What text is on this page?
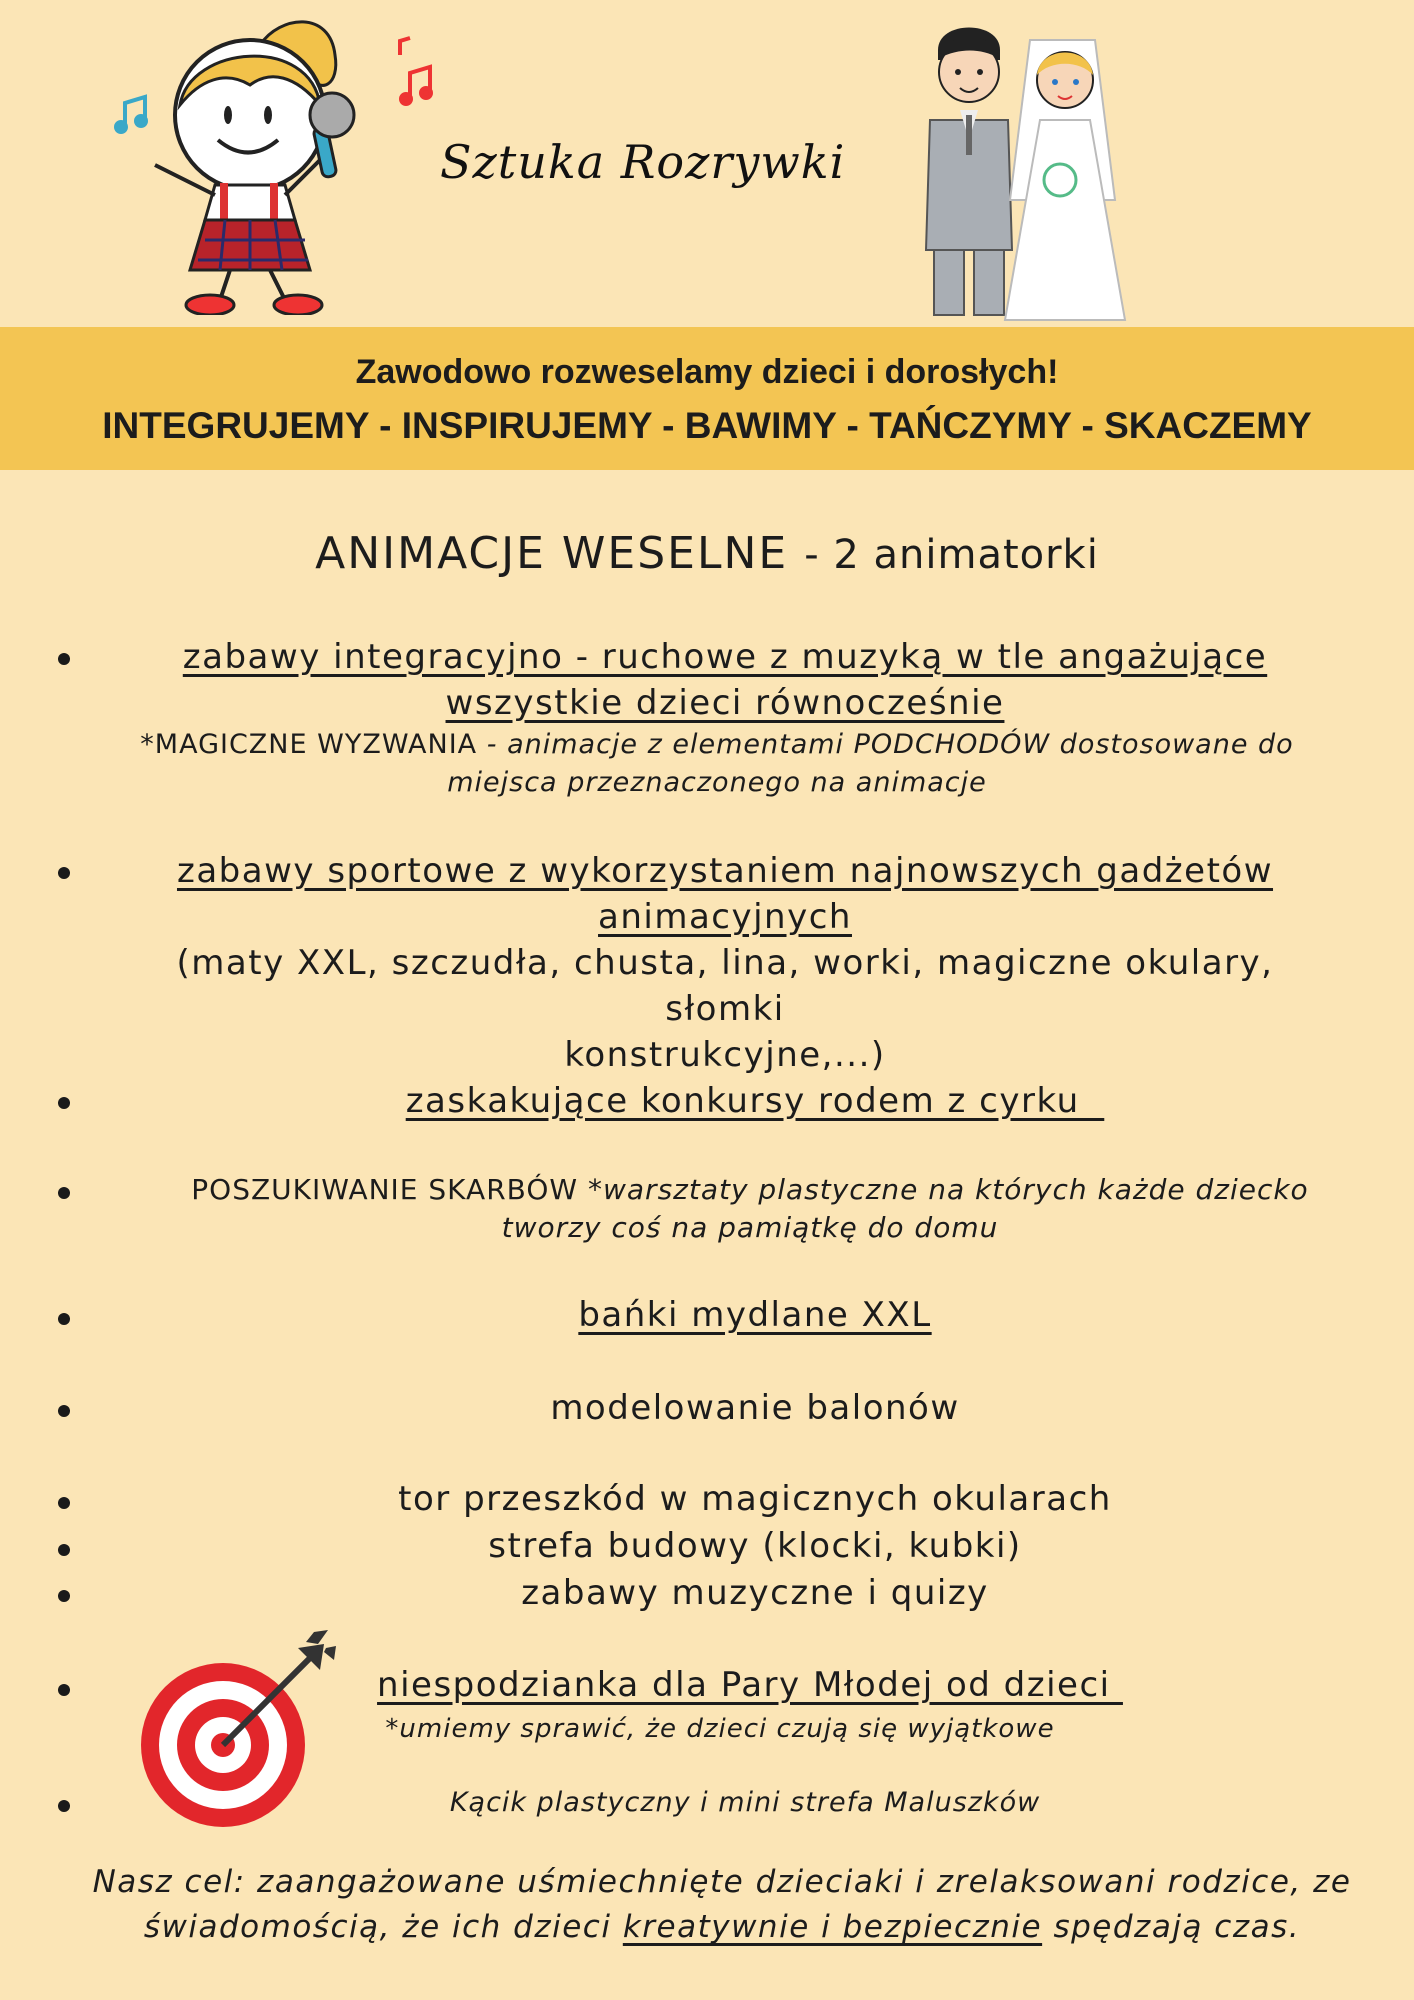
Sztuka Rozrywki
Zawodowo rozweselamy dzieci i dorosłych!
INTEGRUJEMY - INSPIRUJEMY - BAWIMY - TAŃCZYMY - SKACZEMY
ANIMACJE WESELNE - 2 animatorki
zabawy integracyjno - ruchowe z muzyką w tle angażujące
wszystkie dzieci równocześnie
*MAGICZNE WYZWANIA - animacje z elementami PODCHODÓW dostosowane do
miejsca przeznaczonego na animacje
zabawy sportowe z wykorzystaniem najnowszych gadżetów
animacyjnych
(maty XXL, szczudła, chusta, lina, worki, magiczne okulary, słomki
konstrukcyjne,...)
zaskakujące konkursy rodem z cyrku
POSZUKIWANIE SKARBÓW *warsztaty plastyczne na których każde dziecko
tworzy coś na pamiątkę do domu
bańki mydlane XXL
modelowanie balonów
tor przeszkód w magicznych okularach
strefa budowy (klocki, kubki)
zabawy muzyczne i quizy
niespodzianka dla Pary Młodej od dzieci
*umiemy sprawić, że dzieci czują się wyjątkowe
Kącik plastyczny i mini strefa Maluszków
Nasz cel: zaangażowane uśmiechnięte dzieciaki i zrelaksowani rodzice, ze
świadomością, że ich dzieci kreatywnie i bezpiecznie spędzają czas.
